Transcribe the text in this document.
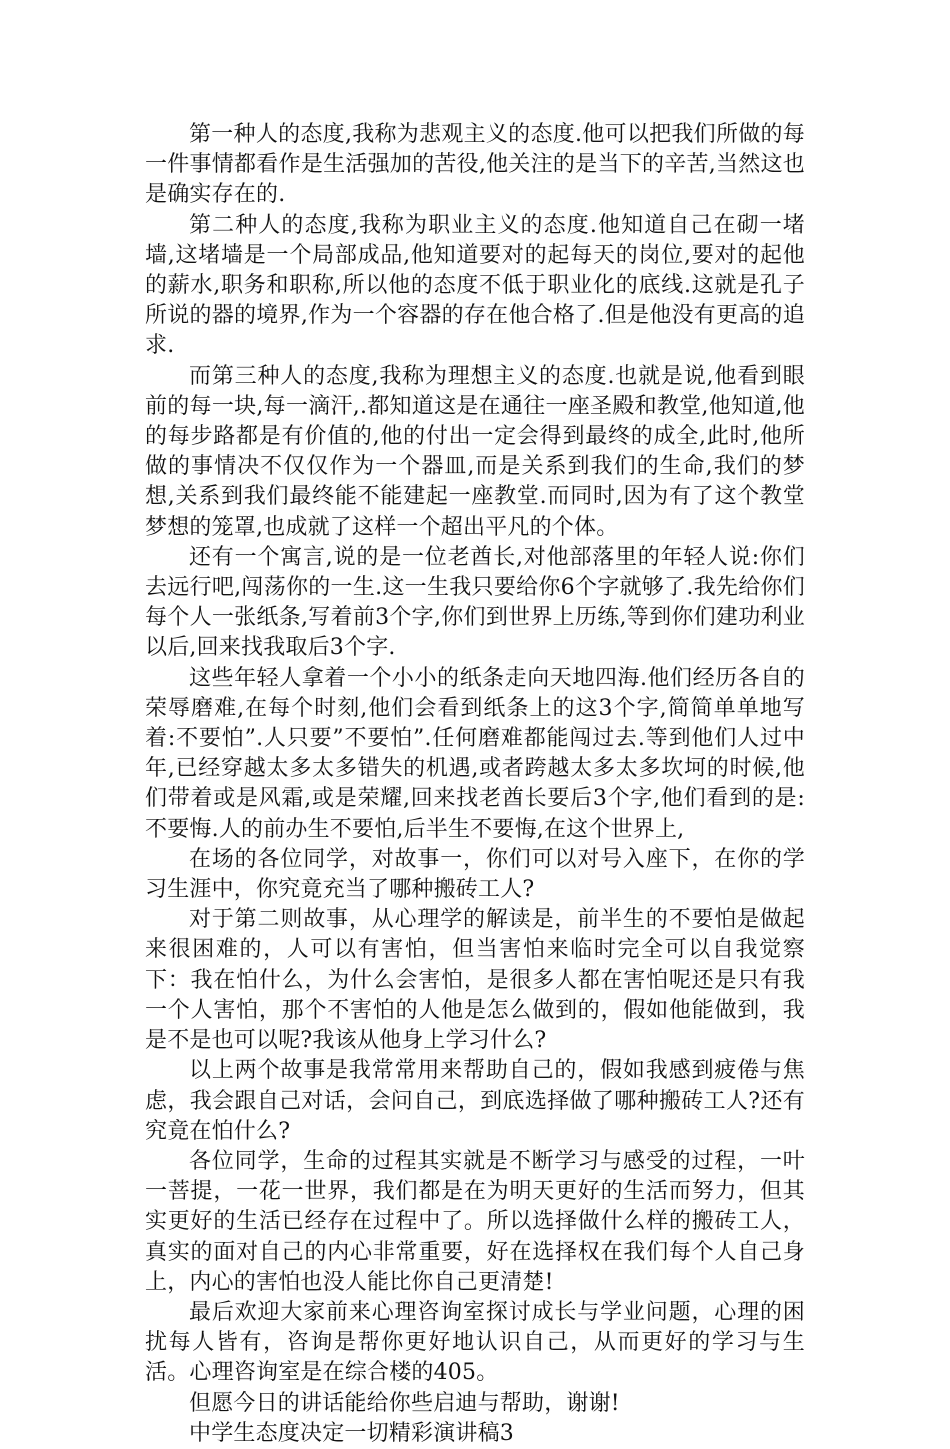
第一种人的态度,我称为悲观主义的态度.他可以把我们所做的每一件事情都看作是生活强加的苦役,他关注的是当下的辛苦,当然这也是确实存在的.

第二种人的态度,我称为职业主义的态度.他知道自己在砌一堵墙,这堵墙是一个局部成品,他知道要对的起每天的岗位,要对的起他的薪水,职务和职称,所以他的态度不低于职业化的底线.这就是孔子所说的器的境界,作为一个容器的存在他合格了.但是他没有更高的追求.

而第三种人的态度,我称为理想主义的态度.也就是说,他看到眼前的每一块,每一滴汗,.都知道这是在通往一座圣殿和教堂,他知道,他的每步路都是有价值的,他的付出一定会得到最终的成全,此时,他所做的事情决不仅仅作为一个器皿,而是关系到我们的生命,我们的梦想,关系到我们最终能不能建起一座教堂.而同时,因为有了这个教堂梦想的笼罩,也成就了这样一个超出平凡的个体。

还有一个寓言,说的是一位老酋长,对他部落里的年轻人说:你们去远行吧,闯荡你的一生.这一生我只要给你6个字就够了.我先给你们每个人一张纸条,写着前3个字,你们到世界上历练,等到你们建功利业以后,回来找我取后3个字.

这些年轻人拿着一个小小的纸条走向天地四海.他们经历各自的荣辱磨难,在每个时刻,他们会看到纸条上的这3个字,简简单单地写着:不要怕”.人只要”不要怕”.任何磨难都能闯过去.等到他们人过中年,已经穿越太多太多错失的机遇,或者跨越太多太多坎坷的时候,他们带着或是风霜,或是荣耀,回来找老酋长要后3个字,他们看到的是:不要悔.人的前办生不要怕,后半生不要悔,在这个世界上,

在场的各位同学，对故事一，你们可以对号入座下，在你的学习生涯中，你究竟充当了哪种搬砖工人?

对于第二则故事，从心理学的解读是，前半生的不要怕是做起来很困难的，人可以有害怕，但当害怕来临时完全可以自我觉察下：我在怕什么，为什么会害怕，是很多人都在害怕呢还是只有我一个人害怕，那个不害怕的人他是怎么做到的，假如他能做到，我是不是也可以呢?我该从他身上学习什么?

以上两个故事是我常常用来帮助自己的，假如我感到疲倦与焦虑，我会跟自己对话，会问自己，到底选择做了哪种搬砖工人?还有究竟在怕什么?

各位同学，生命的过程其实就是不断学习与感受的过程，一叶一菩提，一花一世界，我们都是在为明天更好的生活而努力，但其实更好的生活已经存在过程中了。所以选择做什么样的搬砖工人，真实的面对自己的内心非常重要，好在选择权在我们每个人自己身上，内心的害怕也没人能比你自己更清楚!

最后欢迎大家前来心理咨询室探讨成长与学业问题，心理的困扰每人皆有，咨询是帮你更好地认识自己，从而更好的学习与生活。心理咨询室是在综合楼的405。

但愿今日的讲话能给你些启迪与帮助，谢谢!

中学生态度决定一切精彩演讲稿3
